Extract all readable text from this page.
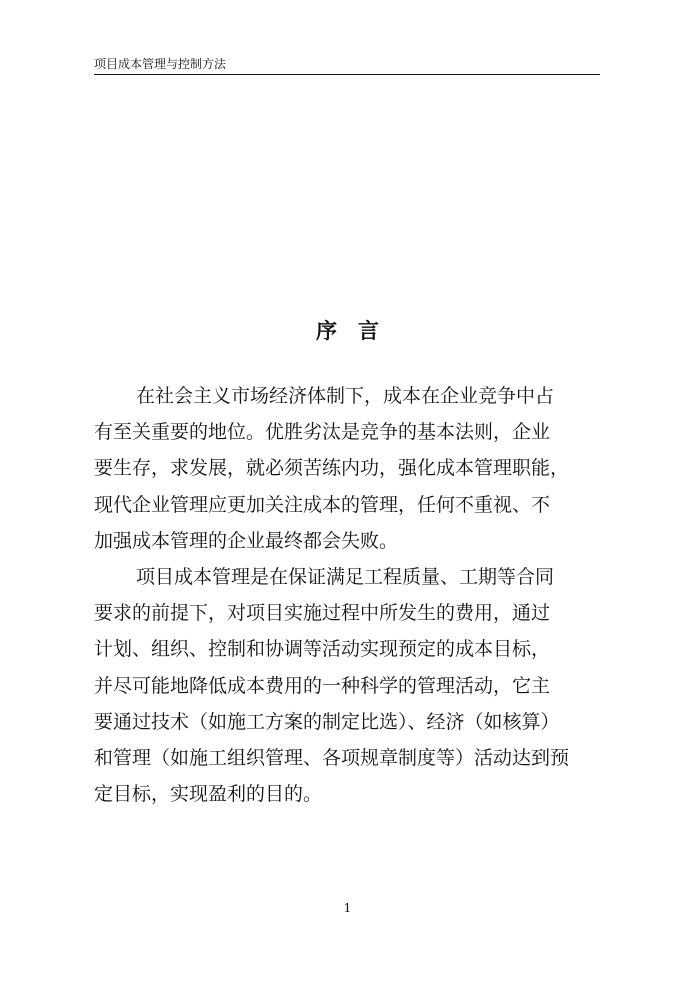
项目成本管理与控制方法
序言

在社会主义市场经济体制下，成本在企业竞争中占
有至关重要的地位。优胜劣汰是竞争的基本法则，企业
要生存，求发展，就必须苦练内功，强化成本管理职能，
现代企业管理应更加关注成本的管理，任何不重视、不
加强成本管理的企业最终都会失败。

项目成本管理是在保证满足工程质量、工期等合同
要求的前提下，对项目实施过程中所发生的费用，通过
计划、组织、控制和协调等活动实现预定的成本目标，
并尽可能地降低成本费用的一种科学的管理活动，它主
要通过技术（如施工方案的制定比选）、经济（如核算）
和管理（如施工组织管理、各项规章制度等）活动达到预
定目标，实现盈利的目的。

1
